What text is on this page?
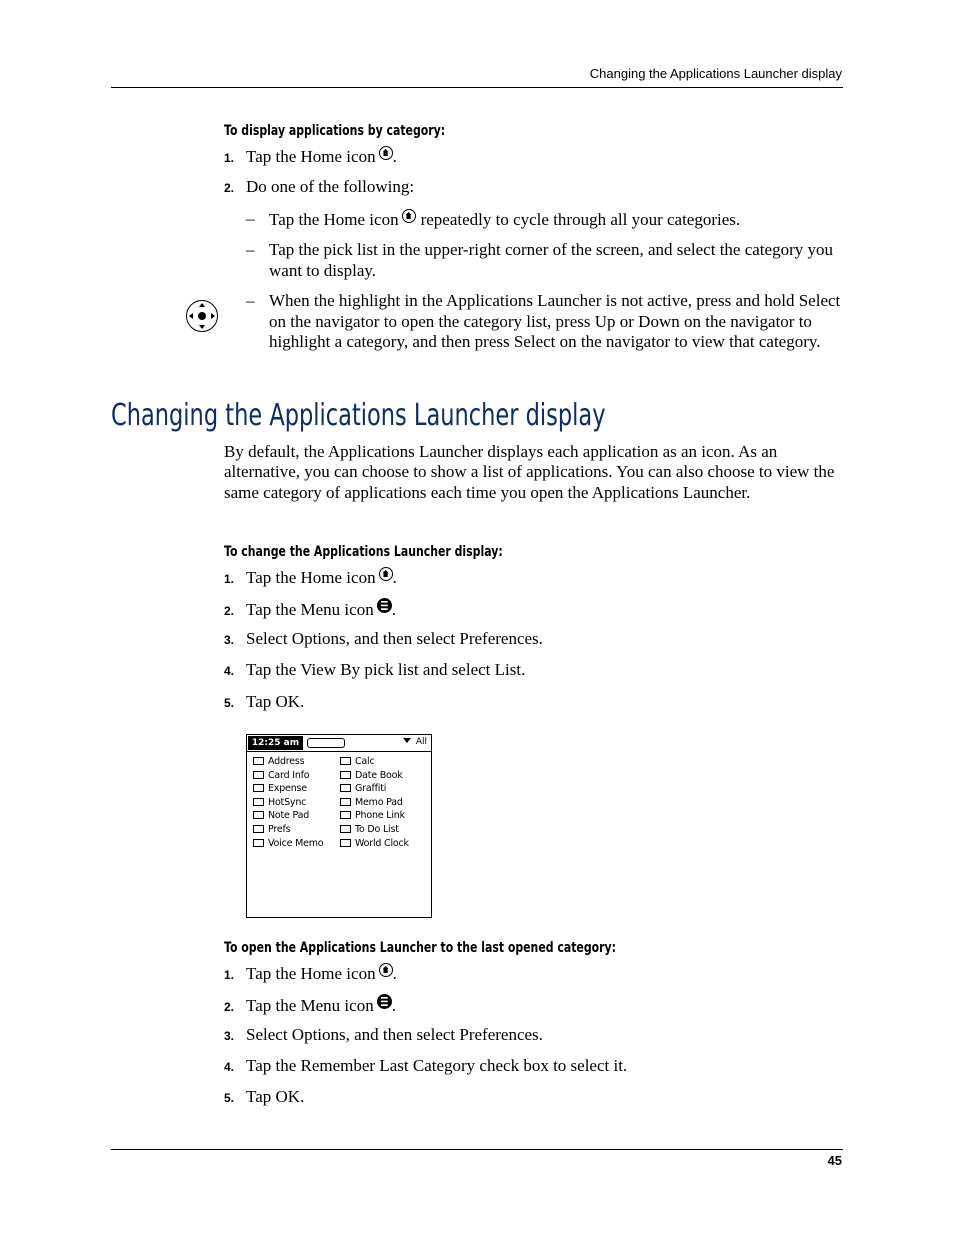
Changing the Applications Launcher display
To display applications by category:
1. Tap the Home icon .
2. Do one of the following:
– Tap the Home icon repeatedly to cycle through all your categories.
– Tap the pick list in the upper-right corner of the screen, and select the category you want to display.
– When the highlight in the Applications Launcher is not active, press and hold Select on the navigator to open the category list, press Up or Down on the navigator to highlight a category, and then press Select on the navigator to view that category.
Changing the Applications Launcher display
By default, the Applications Launcher displays each application as an icon. As an alternative, you can choose to show a list of applications. You can also choose to view the same category of applications each time you open the Applications Launcher.
To change the Applications Launcher display:
1. Tap the Home icon .
2. Tap the Menu icon .
3. Select Options, and then select Preferences.
4. Tap the View By pick list and select List.
5. Tap OK.
12:25 am	All
Address
Card Info
Expense
HotSync
Note Pad
Prefs
Voice Memo
Calc
Date Book
Graffiti
Memo Pad
Phone Link
To Do List
World Clock
To open the Applications Launcher to the last opened category:
1. Tap the Home icon .
2. Tap the Menu icon .
3. Select Options, and then select Preferences.
4. Tap the Remember Last Category check box to select it.
5. Tap OK.
45
